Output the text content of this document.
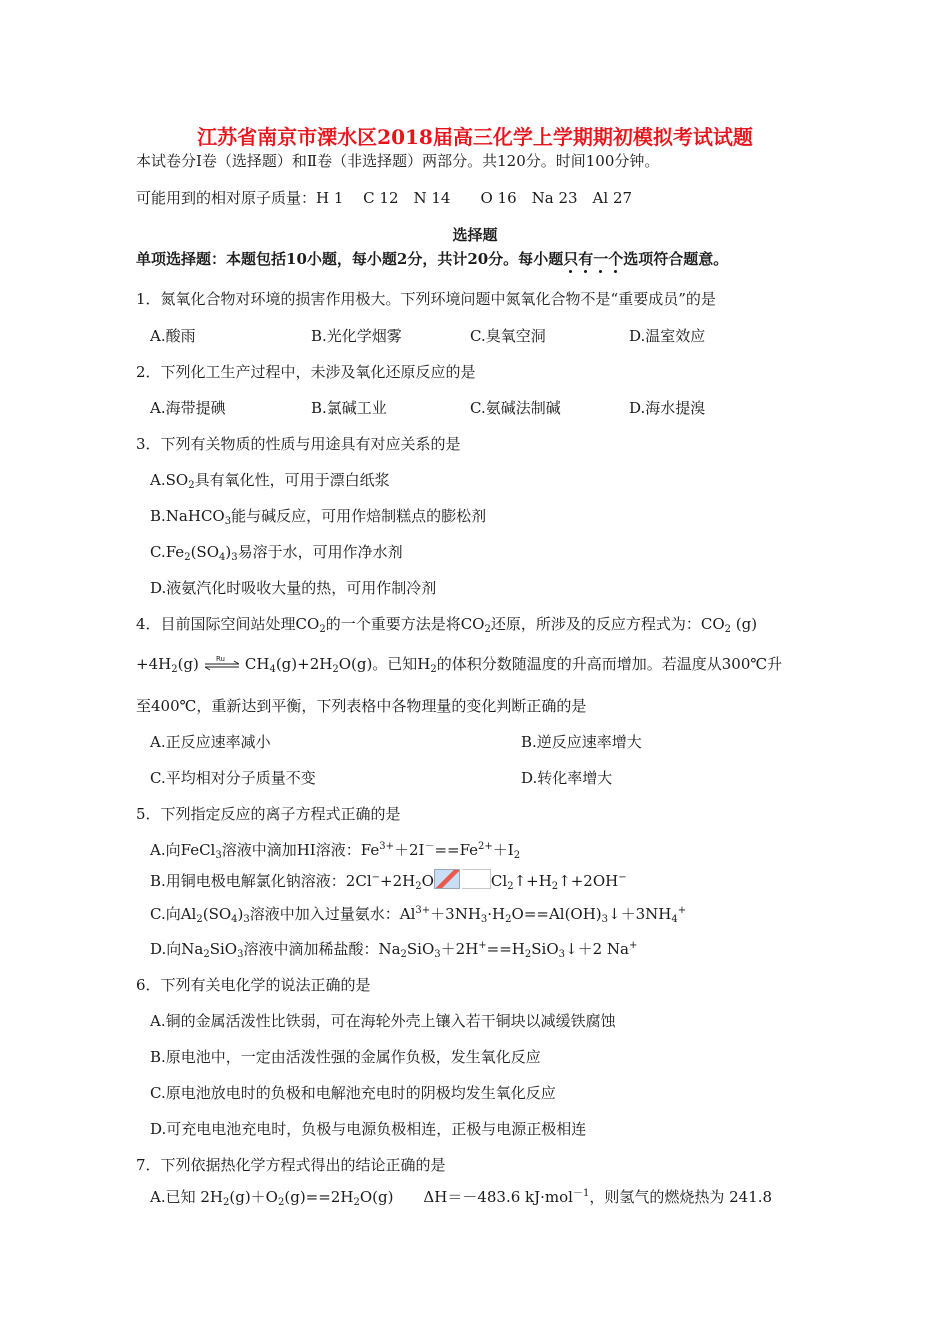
江苏省南京市溧水区2018届高三化学上学期期初模拟考试试题
本试卷分Ⅰ卷（选择题）和Ⅱ卷（非选择题）两部分。共120分。时间100分钟。
可能用到的相对原子质量：H 1　 C 12　N 14　　O 16　Na 23　Al 27
选择题
单项选择题：本题包括10小题，每小题2分，共计20分。每小题只有一个选项符合题意。
1．氮氧化合物对环境的损害作用极大。下列环境问题中氮氧化合物不是“重要成员”的是
A.酸雨	B.光化学烟雾	C.臭氧空洞	D.温室效应
2．下列化工生产过程中，未涉及氧化还原反应的是
A.海带提碘	B.氯碱工业	C.氨碱法制碱	D.海水提溴
3．下列有关物质的性质与用途具有对应关系的是
$A.SO_2$具有氧化性，可用于漂白纸浆
B.NaHCO$_3$能与碱反应，可用作焙制糕点的膨松剂
$C.Fe_2(SO_4)_3$易溶于水，可用作净水剂
D.液氨汽化时吸收大量的热，可用作制冷剂
4．目前国际空间站处理$CO_2$的一个重要方法是将$CO_2$还原，所涉及的反应方程式为：$CO_2$ (g)
$+4H_2(g)$ Ru $CH_4(g)+2H_2O(g)$。已知$H_2$的体积分数随温度的升高而增加。若温度从300℃升
至400℃，重新达到平衡，下列表格中各物理量的变化判断正确的是
A.正反应速率减小	B.逆反应速率增大
C.平均相对分子质量不变	D.转化率增大
5．下列指定反应的离子方程式正确的是
A.向FeCl$_3$溶液中滴加HI溶液：$Fe^{3+}+2I^-==Fe^{2+}+I_2$
B.用铜电极电解氯化钠溶液：$2Cl^-+2H_2O$	$Cl_2↑+H_2↑+2OH^-$
C.向$Al_2(SO_4)_3$溶液中加入过量氨水：$Al^{3+}+3NH_3\cdot H_2O==Al(OH)_3↓+3NH_4^+$
D.向$Na_2SiO_3$溶液中滴加稀盐酸：$Na_2SiO_3+2H^+==H_2SiO_3↓+2$ Na+
6．下列有关电化学的说法正确的是
A.铜的金属活泼性比铁弱，可在海轮外壳上镶入若干铜块以减缓铁腐蚀
B.原电池中，一定由活泼性强的金属作负极，发生氧化反应
C.原电池放电时的负极和电解池充电时的阴极均发生氧化反应
D.可充电电池充电时，负极与电源负极相连，正极与电源正极相连
7．下列依据热化学方程式得出的结论正确的是
A.已知 $2H_2(g)+O_2(g)==2H_2O(g)$　　ΔH＝－483.6 kJ·mol$^{-1}$，则氢气的燃烧热为 241.8
